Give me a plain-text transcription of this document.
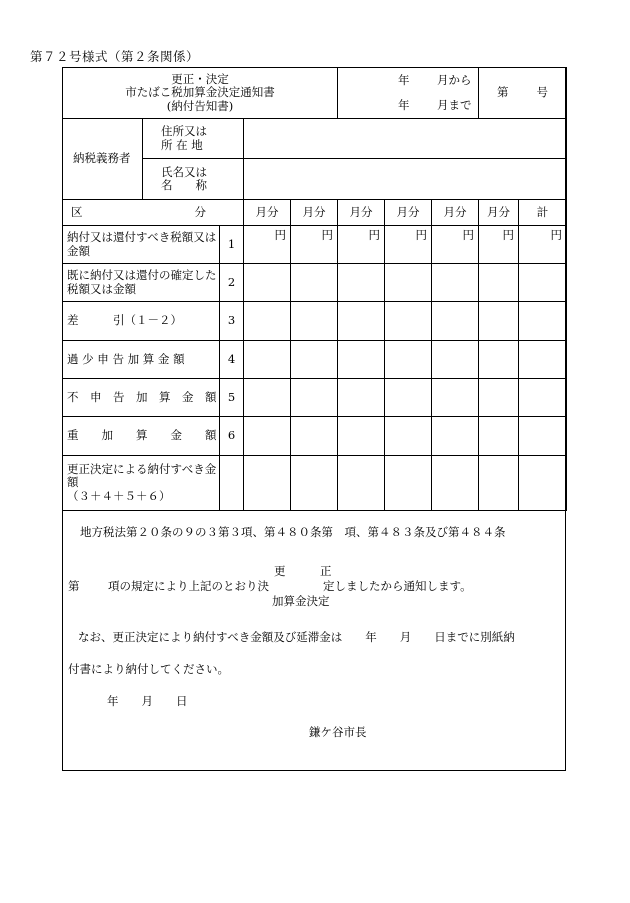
第７２号様式（第２条関係）
更正・決定
市たばこ税加算金決定通知書
(納付告知書)					年 月から
年 月まで			第 号	
納税義務者	住所又は
所 在 地								

	氏名又は
名　　称								

区 分			月分	月分	月分	月分	月分	月分	計
納付又は還付すべき税額又は金額		1	円	円	円	円	円	円	円
既に納付又は還付の確定した税額又は金額		2							
差　　　引（１－２）		3							
過 少 申 告 加 算 金 額		4							
不　申　告　加　算　金　額		5							
重　　加　　算　　金　　額		6							

更正決定による納付すべき金額
（３＋４＋５＋６）									

地方税法第２０条の９の３第３項、第４８０条第　項、第４８３条及び第４８４条
更　　　正
第 項の規定により上記のとおり決	定しましたから通知します。
加算金決定
なお、更正決定により納付すべき金額及び延滞金は　　年　　月　　日までに別紙納
付書により納付してください。
年　　月　　日
鎌ケ谷市長
